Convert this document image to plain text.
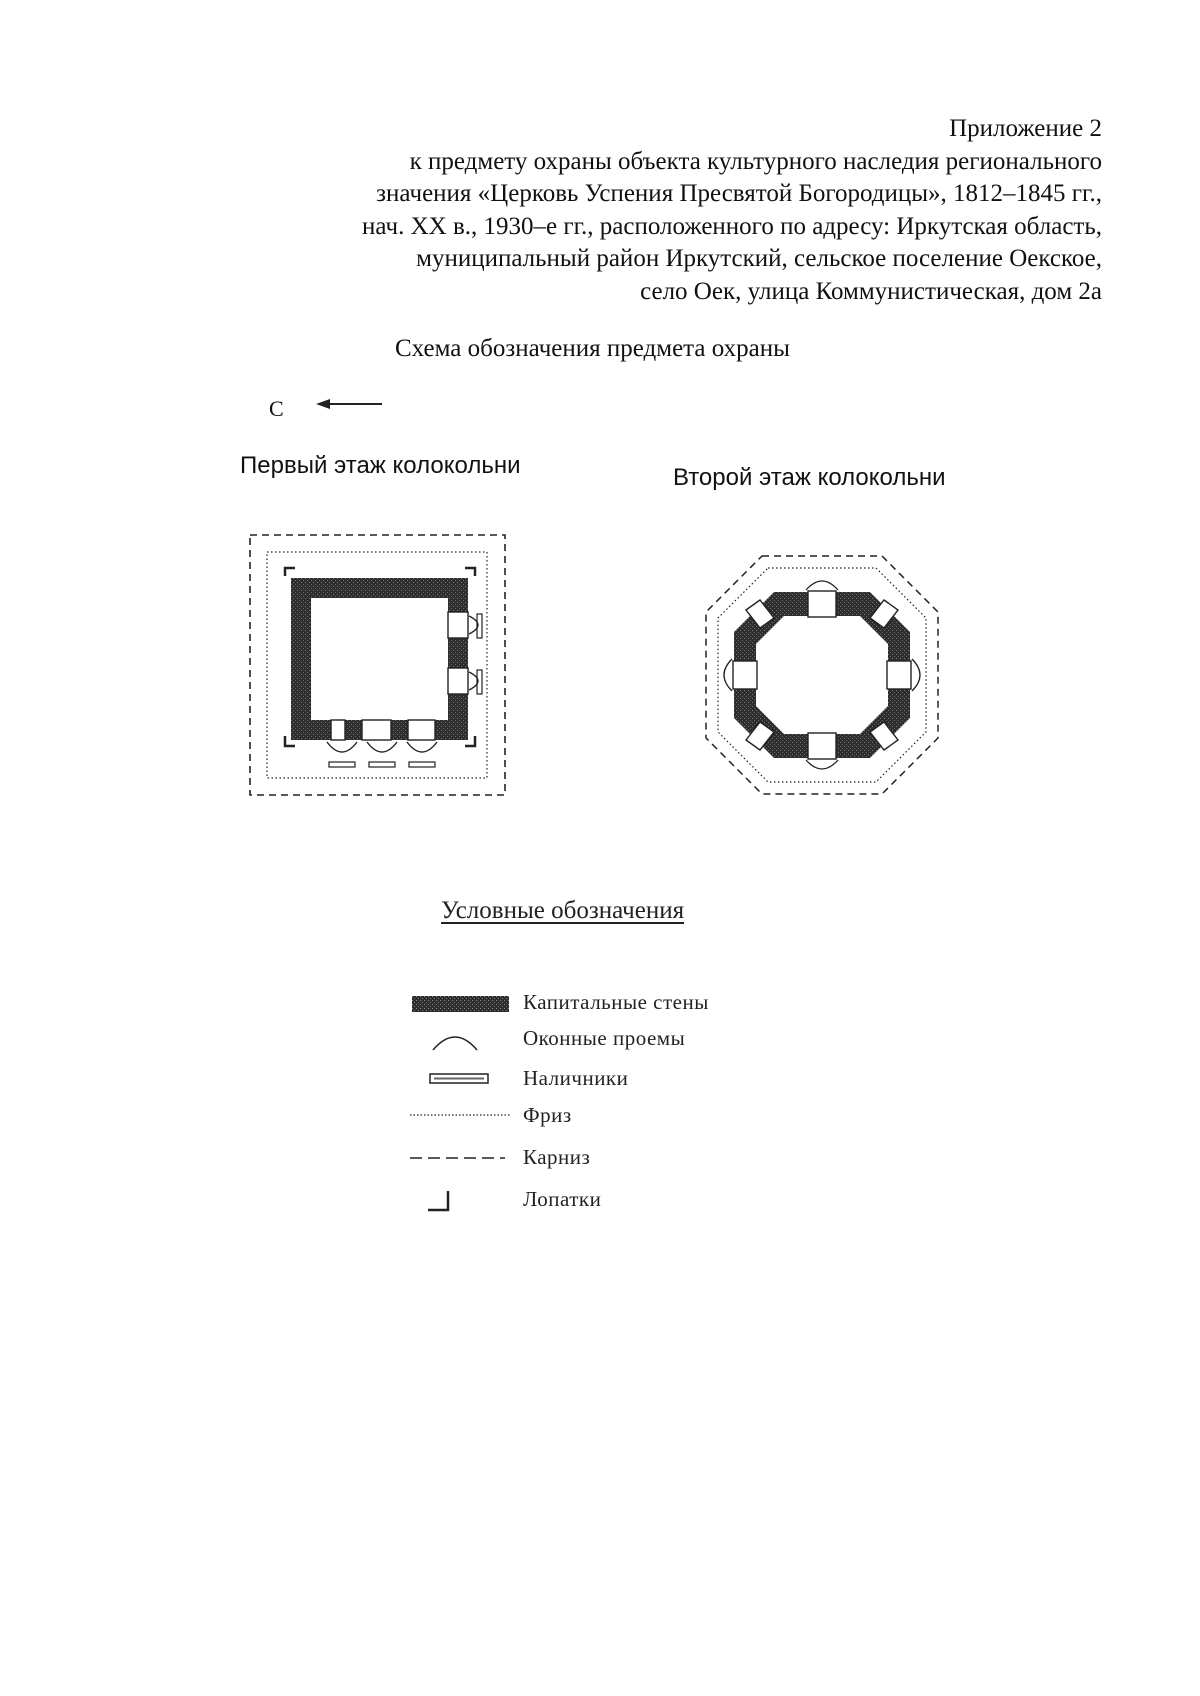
Приложение 2
к предмету охраны объекта культурного наследия регионального
значения «Церковь Успения Пресвятой Богородицы», 1812–1845 гг.,
нач. XX в., 1930–е гг., расположенного по адресу: Иркутская область,
муниципальный район Иркутский, сельское поселение Оекское,
село Оек, улица Коммунистическая, дом 2а
Схема обозначения предмета охраны
С
Первый этаж колокольни	Второй этаж колокольни
Условные обозначения
Капитальные стены
Оконные проемы
Наличники
Фриз
Карниз
Лопатки
